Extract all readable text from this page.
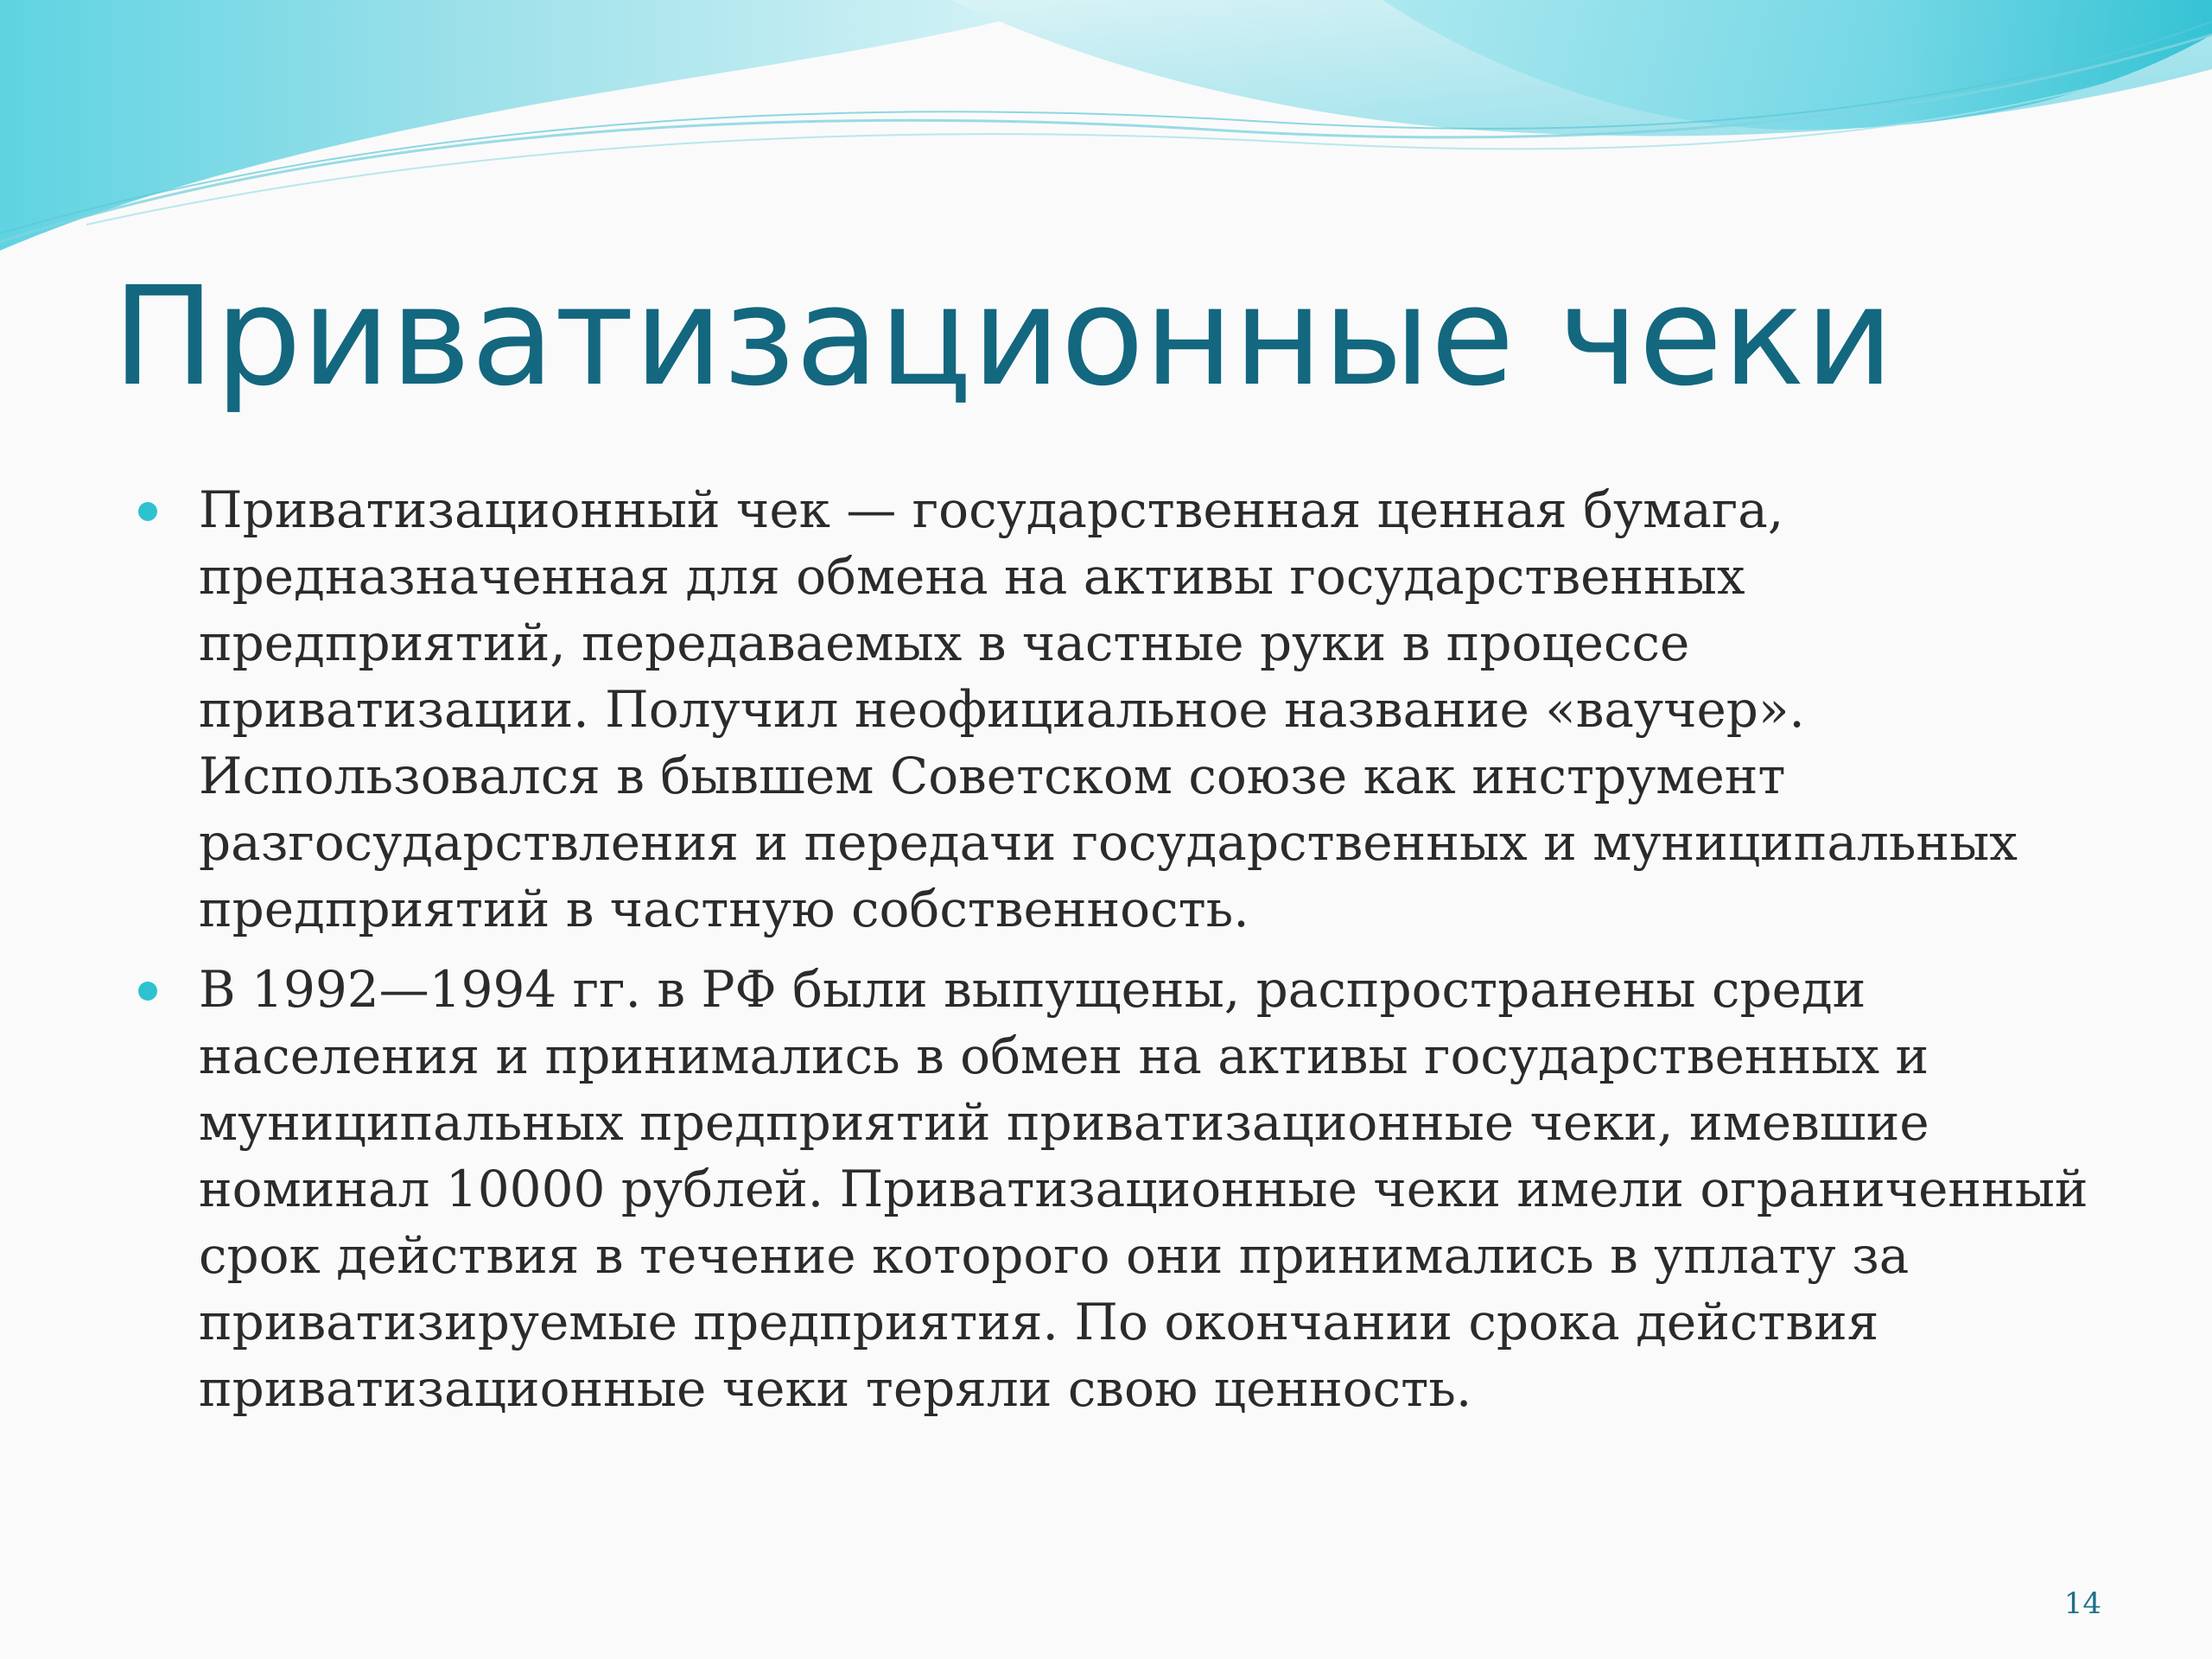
Приватизационные чеки
Приватизационный чек — государственная ценная бумага, предназначенная для обмена на активы государственных предприятий, передаваемых в частные руки в процессе приватизации. Получил неофициальное название «ваучер». Использовался в бывшем Советском союзе как инструмент разгосударствления и передачи государственных и муниципальных предприятий в частную собственность.
В 1992—1994 гг. в РФ были выпущены, распространены среди населения и принимались в обмен на активы государственных и муниципальных предприятий приватизационные чеки, имевшие номинал 10000 рублей. Приватизационные чеки имели ограниченный срок действия в течение которого они принимались в уплату за приватизируемые предприятия. По окончании срока действия приватизационные чеки теряли свою ценность.
14
